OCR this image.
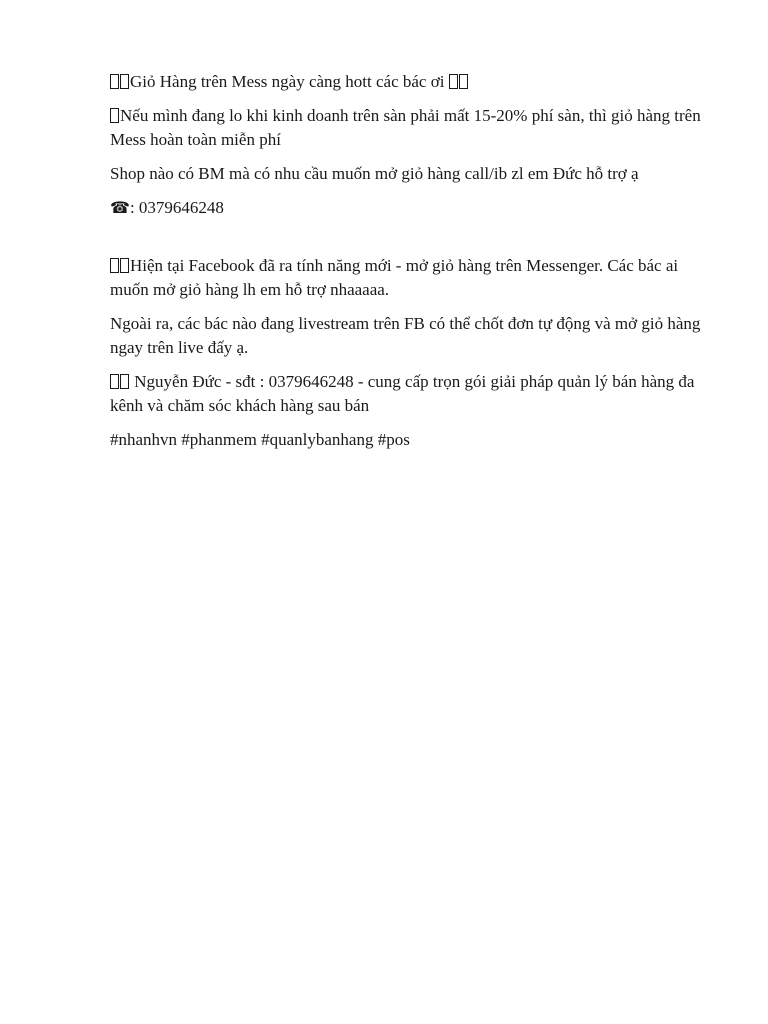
Giỏ Hàng trên Mess ngày càng hott các bác ơi

Nếu mình đang lo khi kinh doanh trên sàn phải mất 15-20% phí sàn, thì giỏ hàng trên Mess hoàn toàn miễn phí

Shop nào có BM mà có nhu cầu muốn mở giỏ hàng call/ib zl em Đức hỗ trợ ạ

☎: 0379646248

Hiện tại Facebook đã ra tính năng mới - mở giỏ hàng trên Messenger. Các bác ai muốn mở giỏ hàng lh em hỗ trợ nhaaaaa.

Ngoài ra, các bác nào đang livestream trên FB có thể chốt đơn tự động và mở giỏ hàng ngay trên live đấy ạ.

Nguyễn Đức - sđt : 0379646248 - cung cấp trọn gói giải pháp quản lý bán hàng đa kênh và chăm sóc khách hàng sau bán

#nhanhvn #phanmem #quanlybanhang #pos
